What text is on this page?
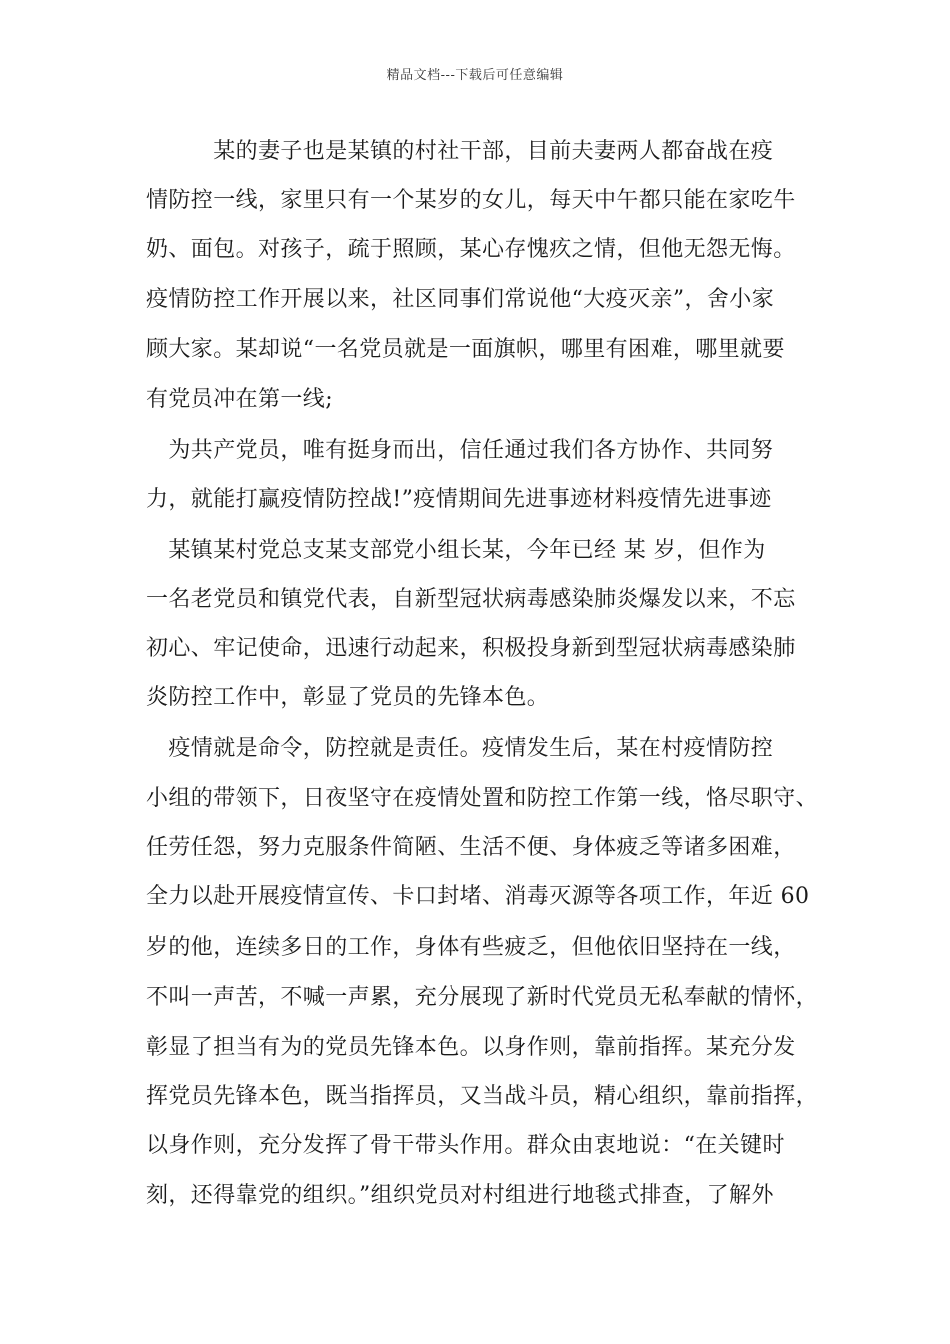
精品文档---下载后可任意编辑
　　　某的妻子也是某镇的村社干部，目前夫妻两人都奋战在疫
情防控一线，家里只有一个某岁的女儿，每天中午都只能在家吃牛
奶、面包。对孩子，疏于照顾，某心存愧疚之情，但他无怨无悔。
疫情防控工作开展以来，社区同事们常说他“大疫灭亲”，舍小家
顾大家。某却说“一名党员就是一面旗帜，哪里有困难，哪里就要
有党员冲在第一线;
　为共产党员，唯有挺身而出，信任通过我们各方协作、共同努
力，就能打赢疫情防控战!”疫情期间先进事迹材料疫情先进事迹
　某镇某村党总支某支部党小组长某，今年已经 某 岁，但作为
一名老党员和镇党代表，自新型冠状病毒感染肺炎爆发以来，不忘
初心、牢记使命，迅速行动起来，积极投身新到型冠状病毒感染肺
炎防控工作中，彰显了党员的先锋本色。
　疫情就是命令，防控就是责任。疫情发生后，某在村疫情防控
小组的带领下，日夜坚守在疫情处置和防控工作第一线，恪尽职守、
任劳任怨，努力克服条件简陋、生活不便、身体疲乏等诸多困难，
全力以赴开展疫情宣传、卡口封堵、消毒灭源等各项工作，年近 60
岁的他，连续多日的工作，身体有些疲乏，但他依旧坚持在一线，
不叫一声苦，不喊一声累，充分展现了新时代党员无私奉献的情怀，
彰显了担当有为的党员先锋本色。以身作则，靠前指挥。某充分发
挥党员先锋本色，既当指挥员，又当战斗员，精心组织，靠前指挥，
以身作则，充分发挥了骨干带头作用。群众由衷地说：“在关键时
刻，还得靠党的组织。”组织党员对村组进行地毯式排查，了解外
